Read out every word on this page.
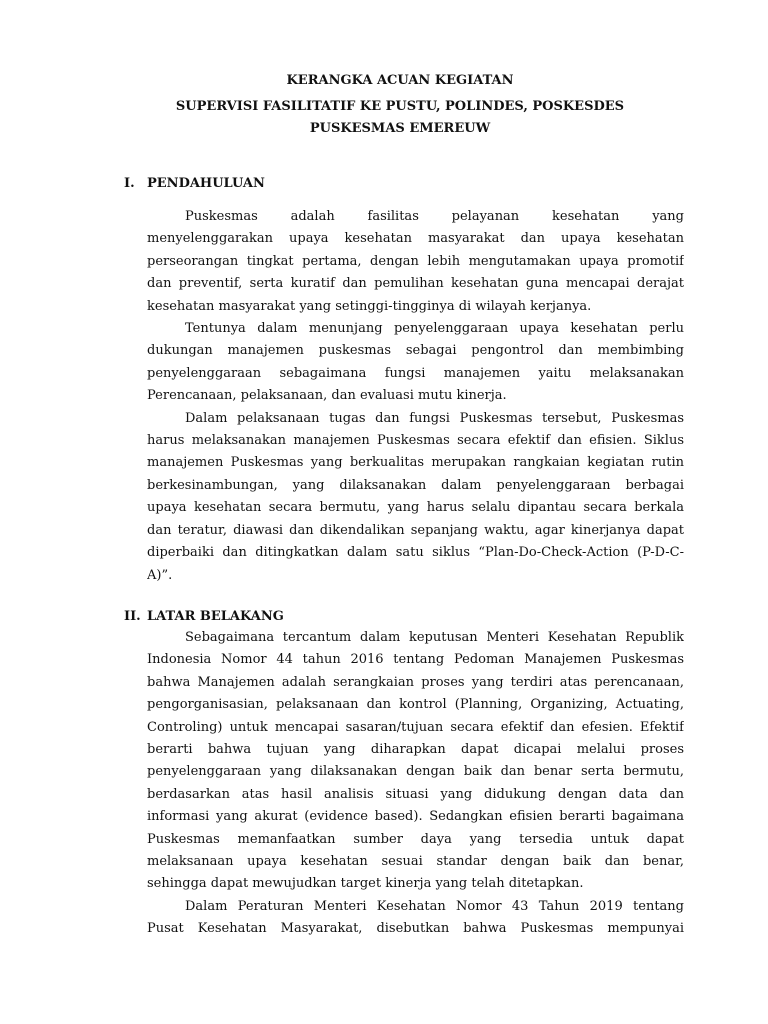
KERANGKA ACUAN KEGIATAN
SUPERVISI FASILITATIF KE PUSTU, POLINDES, POSKESDES
PUSKESMAS EMEREUW
I. PENDAHULUAN
Puskesmas adalah fasilitas pelayanan kesehatan yang
menyelenggarakan upaya kesehatan masyarakat dan upaya kesehatan
perseorangan tingkat pertama, dengan lebih mengutamakan upaya promotif
dan preventif, serta kuratif dan pemulihan kesehatan guna mencapai derajat
kesehatan masyarakat yang setinggi-tingginya di wilayah kerjanya.
Tentunya dalam menunjang penyelenggaraan upaya kesehatan perlu
dukungan manajemen puskesmas sebagai pengontrol dan membimbing
penyelenggaraan sebagaimana fungsi manajemen yaitu melaksanakan
Perencanaan, pelaksanaan, dan evaluasi mutu kinerja.
Dalam pelaksanaan tugas dan fungsi Puskesmas tersebut, Puskesmas
harus melaksanakan manajemen Puskesmas secara efektif dan efisien. Siklus
manajemen Puskesmas yang berkualitas merupakan rangkaian kegiatan rutin
berkesinambungan, yang dilaksanakan dalam penyelenggaraan berbagai
upaya kesehatan secara bermutu, yang harus selalu dipantau secara berkala
dan teratur, diawasi dan dikendalikan sepanjang waktu, agar kinerjanya dapat
diperbaiki dan ditingkatkan dalam satu siklus “Plan-Do-Check-Action (P-D-C-
A)”.
II. LATAR BELAKANG
Sebagaimana tercantum dalam keputusan Menteri Kesehatan Republik
Indonesia Nomor 44 tahun 2016 tentang Pedoman Manajemen Puskesmas
bahwa Manajemen adalah serangkaian proses yang terdiri atas perencanaan,
pengorganisasian, pelaksanaan dan kontrol (Planning, Organizing, Actuating,
Controling) untuk mencapai sasaran/tujuan secara efektif dan efesien. Efektif
berarti bahwa tujuan yang diharapkan dapat dicapai melalui proses
penyelenggaraan yang dilaksanakan dengan baik dan benar serta bermutu,
berdasarkan atas hasil analisis situasi yang didukung dengan data dan
informasi yang akurat (evidence based). Sedangkan efisien berarti bagaimana
Puskesmas memanfaatkan sumber daya yang tersedia untuk dapat
melaksanaan upaya kesehatan sesuai standar dengan baik dan benar,
sehingga dapat mewujudkan target kinerja yang telah ditetapkan.
Dalam Peraturan Menteri Kesehatan Nomor 43 Tahun 2019 tentang
Pusat Kesehatan Masyarakat, disebutkan bahwa Puskesmas mempunyai
